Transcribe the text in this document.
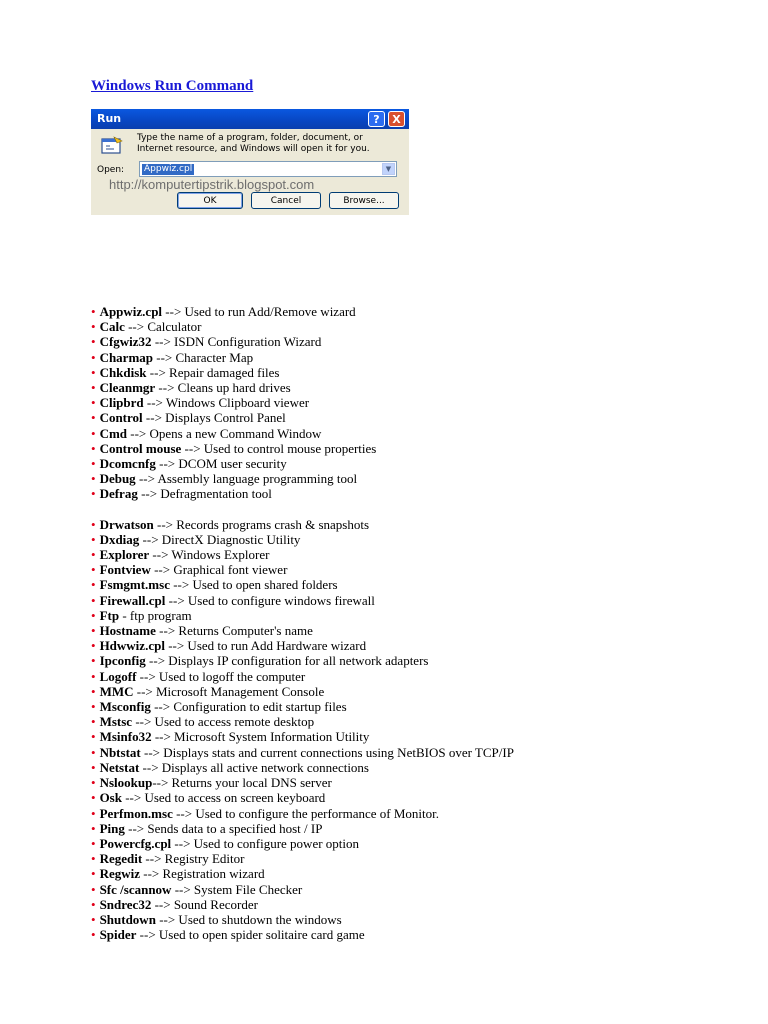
Windows Run Command
Run	?	X
Type the name of a program, folder, document, or Internet resource, and Windows will open it for you.
Open: Appwiz.cpl	▼
http://komputertipstrik.blogspot.com
OK	Cancel	Browse...
• Appwiz.cpl --> Used to run Add/Remove wizard
• Calc --> Calculator
• Cfgwiz32 --> ISDN Configuration Wizard
• Charmap --> Character Map
• Chkdisk --> Repair damaged files
• Cleanmgr --> Cleans up hard drives
• Clipbrd --> Windows Clipboard viewer
• Control --> Displays Control Panel
• Cmd --> Opens a new Command Window
• Control mouse --> Used to control mouse properties
• Dcomcnfg --> DCOM user security
• Debug --> Assembly language programming tool
• Defrag --> Defragmentation tool
• Drwatson --> Records programs crash & snapshots
• Dxdiag --> DirectX Diagnostic Utility
• Explorer --> Windows Explorer
• Fontview --> Graphical font viewer
• Fsmgmt.msc --> Used to open shared folders
• Firewall.cpl --> Used to configure windows firewall
• Ftp - ftp program
• Hostname --> Returns Computer's name
• Hdwwiz.cpl --> Used to run Add Hardware wizard
• Ipconfig --> Displays IP configuration for all network adapters
• Logoff --> Used to logoff the computer
• MMC --> Microsoft Management Console
• Msconfig --> Configuration to edit startup files
• Mstsc --> Used to access remote desktop
• Msinfo32 --> Microsoft System Information Utility
• Nbtstat --> Displays stats and current connections using NetBIOS over TCP/IP
• Netstat --> Displays all active network connections
• Nslookup--> Returns your local DNS server
• Osk --> Used to access on screen keyboard
• Perfmon.msc --> Used to configure the performance of Monitor.
• Ping --> Sends data to a specified host / IP
• Powercfg.cpl --> Used to configure power option
• Regedit --> Registry Editor
• Regwiz --> Registration wizard
• Sfc /scannow --> System File Checker
• Sndrec32 --> Sound Recorder
• Shutdown --> Used to shutdown the windows
• Spider --> Used to open spider solitaire card game
